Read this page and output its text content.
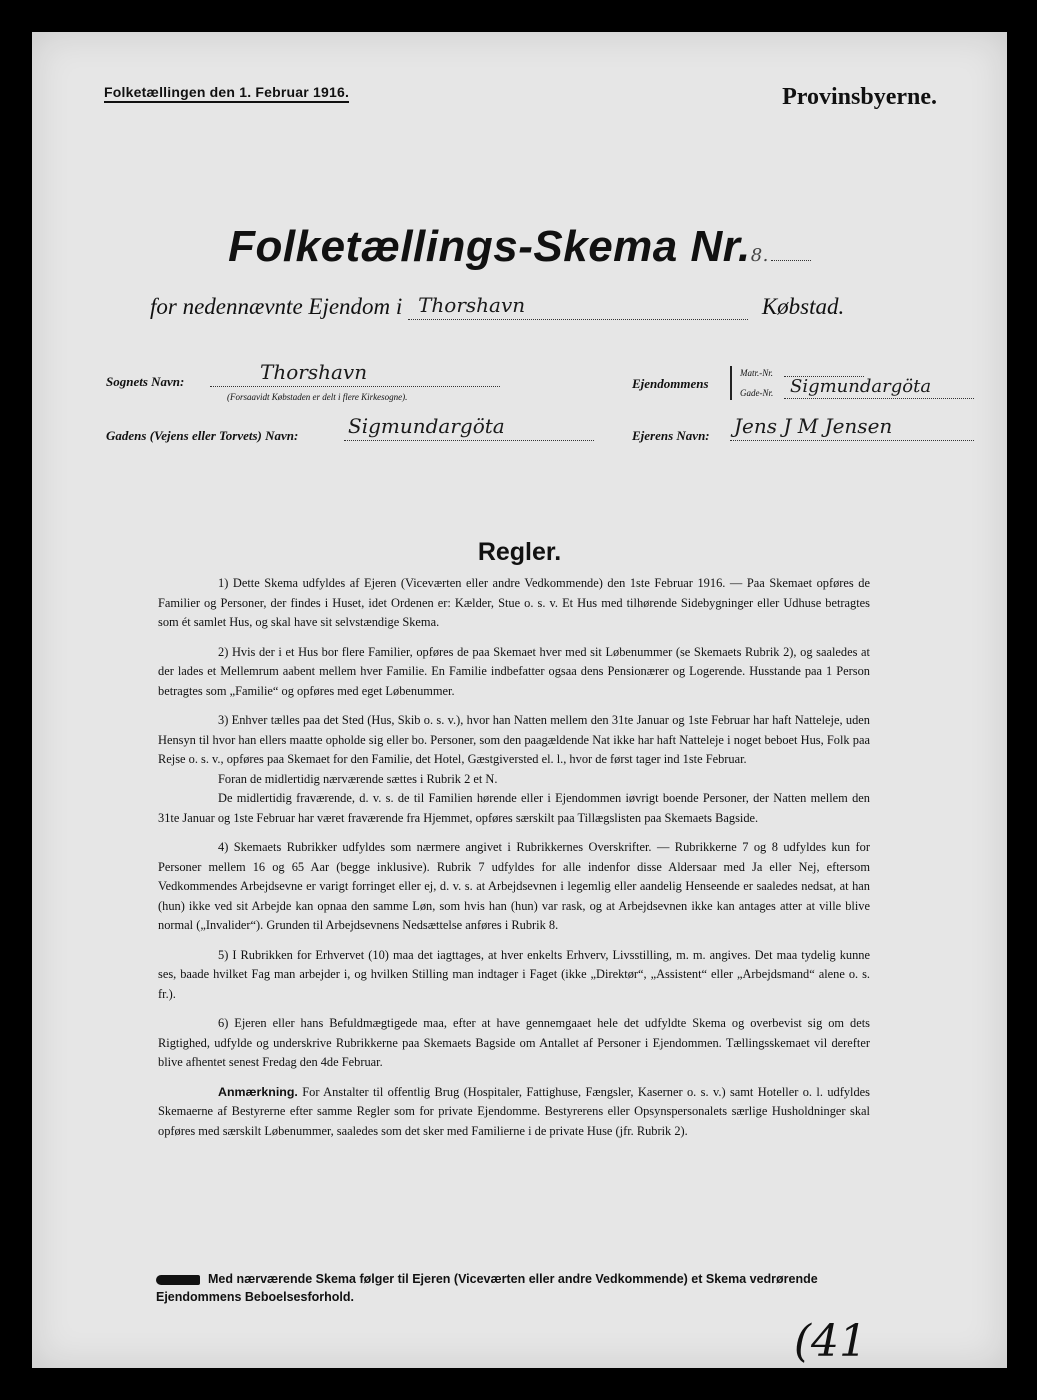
Folketællingen den 1. Februar 1916.	Provinsbyerne.
Folketællings-Skema Nr.8.
for nedennævnte Ejendom i Thorshavn	Købstad.
Sognets Navn:	Thorshavn
(Forsaavidt Købstaden er delt i flere Kirkesogne).
Ejendommens
Matr.-Nr.
Gade-Nr. Sigmundargöta
Gadens (Vejens eller Torvets) Navn: Sigmundargöta	Ejerens Navn: Jens J M Jensen
Regler.

1) Dette Skema udfyldes af Ejeren (Viceværten eller andre Vedkommende) den 1ste Februar 1916. — Paa Skemaet opføres de Familier og Personer, der findes i Huset, idet Ordenen er: Kælder, Stue o. s. v. Et Hus med tilhørende Sidebygninger eller Udhuse betragtes som ét samlet Hus, og skal have sit selvstændige Skema.

2) Hvis der i et Hus bor flere Familier, opføres de paa Skemaet hver med sit Løbenummer (se Skemaets Rubrik 2), og saaledes at der lades et Mellemrum aabent mellem hver Familie. En Familie indbefatter ogsaa dens Pensionærer og Logerende. Husstande paa 1 Person betragtes som „Familie“ og opføres med eget Løbenummer.

3) Enhver tælles paa det Sted (Hus, Skib o. s. v.), hvor han Natten mellem den 31te Januar og 1ste Februar har haft Natteleje, uden Hensyn til hvor han ellers maatte opholde sig eller bo. Personer, som den paagældende Nat ikke har haft Natteleje i noget beboet Hus, Folk paa Rejse o. s. v., opføres paa Skemaet for den Familie, det Hotel, Gæstgiversted el. l., hvor de først tager ind 1ste Februar.

Foran de midlertidig nærværende sættes i Rubrik 2 et N.

De midlertidig fraværende, d. v. s. de til Familien hørende eller i Ejendommen iøvrigt boende Personer, der Natten mellem den 31te Januar og 1ste Februar har været fraværende fra Hjemmet, opføres særskilt paa Tillægslisten paa Skemaets Bagside.

4) Skemaets Rubrikker udfyldes som nærmere angivet i Rubrikkernes Overskrifter. — Rubrikkerne 7 og 8 udfyldes kun for Personer mellem 16 og 65 Aar (begge inklusive). Rubrik 7 udfyldes for alle indenfor disse Aldersaar med Ja eller Nej, eftersom Vedkommendes Arbejdsevne er varigt forringet eller ej, d. v. s. at Arbejdsevnen i legemlig eller aandelig Henseende er saaledes nedsat, at han (hun) ikke ved sit Arbejde kan opnaa den samme Løn, som hvis han (hun) var rask, og at Arbejdsevnen ikke kan antages atter at ville blive normal („Invalider“). Grunden til Arbejdsevnens Nedsættelse anføres i Rubrik 8.

5) I Rubrikken for Erhvervet (10) maa det iagttages, at hver enkelts Erhverv, Livsstilling, m. m. angives. Det maa tydelig kunne ses, baade hvilket Fag man arbejder i, og hvilken Stilling man indtager i Faget (ikke „Direktør“, „Assistent“ eller „Arbejdsmand“ alene o. s. fr.).

6) Ejeren eller hans Befuldmægtigede maa, efter at have gennemgaaet hele det udfyldte Skema og overbevist sig om dets Rigtighed, udfylde og underskrive Rubrikkerne paa Skemaets Bagside om Antallet af Personer i Ejendommen. Tællingsskemaet vil derefter blive afhentet senest Fredag den 4de Februar.

Anmærkning. For Anstalter til offentlig Brug (Hospitaler, Fattighuse, Fængsler, Kaserner o. s. v.) samt Hoteller o. l. udfyldes Skemaerne af Bestyrerne efter samme Regler som for private Ejendomme. Bestyrerens eller Opsynspersonalets særlige Husholdninger skal opføres med særskilt Løbenummer, saaledes som det sker med Familierne i de private Huse (jfr. Rubrik 2).

Med nærværende Skema følger til Ejeren (Viceværten eller andre Vedkommende) et Skema vedrørende Ejendommens Beboelsesforhold.
(41
